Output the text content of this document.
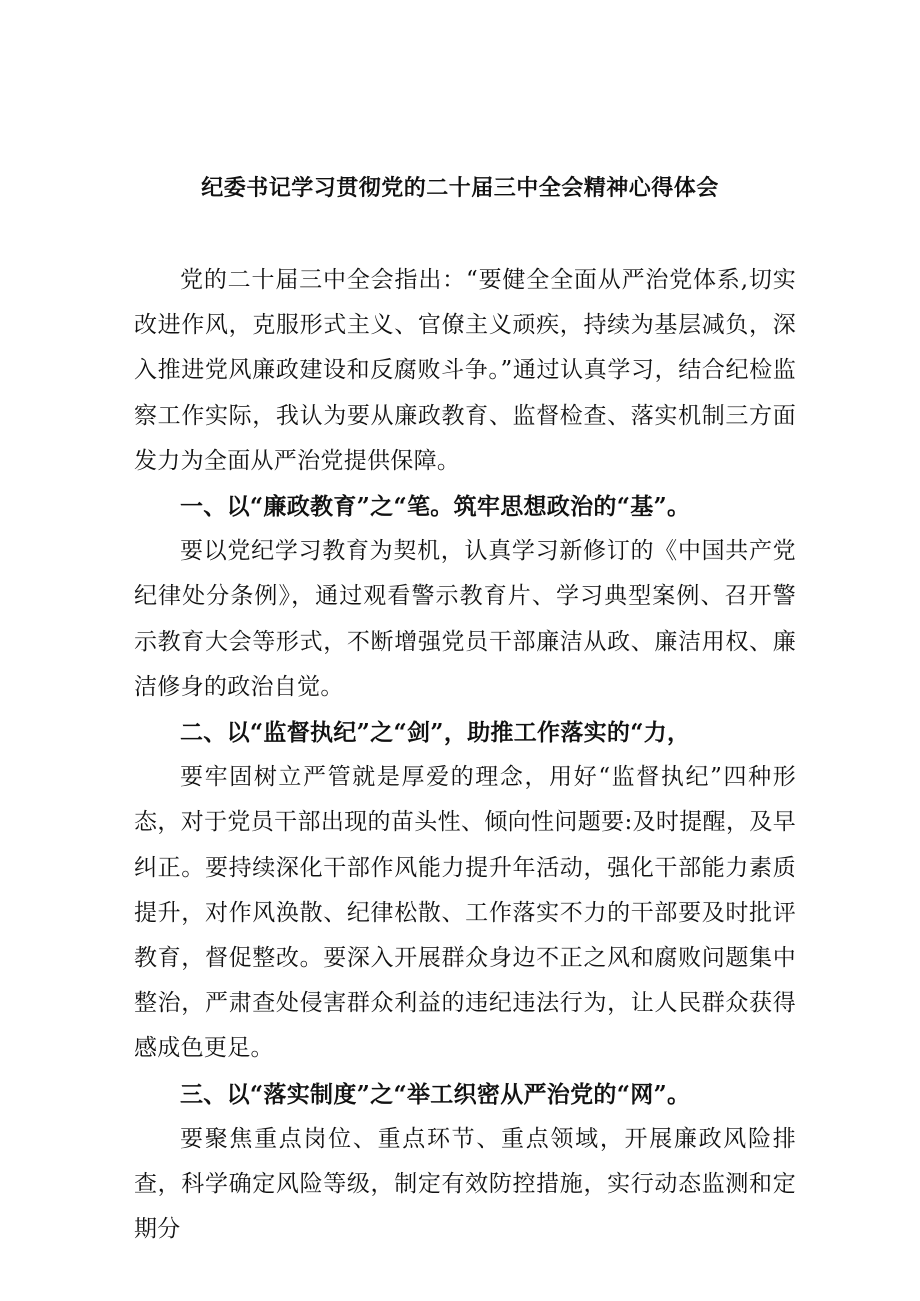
纪委书记学习贯彻党的二十届三中全会精神心得体会

党的二十届三中全会指出：“要健全全面从严治党体系,切实改进作风，克服形式主义、官僚主义顽疾，持续为基层减负，深入推进党风廉政建设和反腐败斗争。”通过认真学习，结合纪检监察工作实际，我认为要从廉政教育、监督检查、落实机制三方面发力为全面从严治党提供保障。

一、以“廉政教育”之“笔。筑牢思想政治的“基”。

要以党纪学习教育为契机，认真学习新修订的《中国共产党纪律处分条例》，通过观看警示教育片、学习典型案例、召开警示教育大会等形式，不断增强党员干部廉洁从政、廉洁用权、廉洁修身的政治自觉。

二、以“监督执纪”之“剑”，助推工作落实的“力，

要牢固树立严管就是厚爱的理念，用好“监督执纪”四种形态，对于党员干部出现的苗头性、倾向性问题要:及时提醒，及早纠正。要持续深化干部作风能力提升年活动，强化干部能力素质提升，对作风涣散、纪律松散、工作落实不力的干部要及时批评教育，督促整改。要深入开展群众身边不正之风和腐败问题集中整治，严肃查处侵害群众利益的违纪违法行为，让人民群众获得感成色更足。

三、以“落实制度”之“举工织密从严治党的“网”。

要聚焦重点岗位、重点环节、重点领域，开展廉政风险排查，科学确定风险等级，制定有效防控措施，实行动态监测和定期分
